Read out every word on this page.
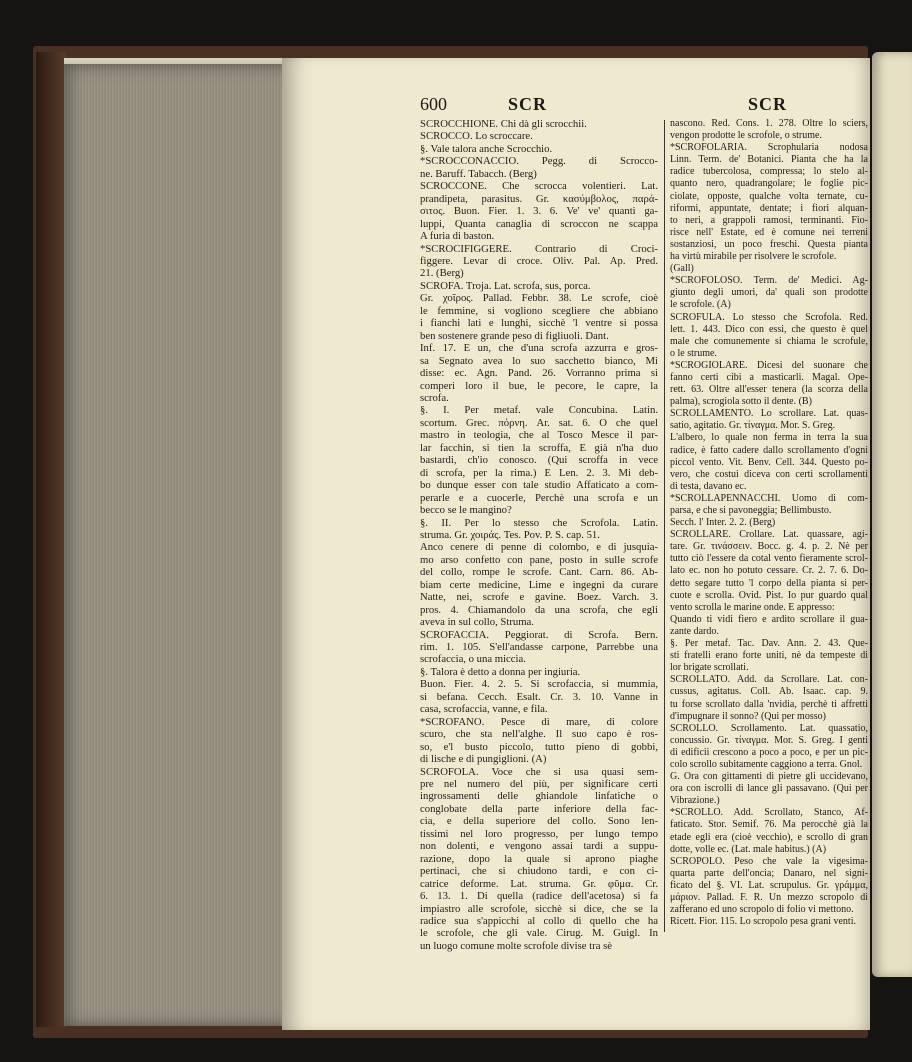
600	SCR	SCR
SCROCCHIONE. Chi dà gli scrocchii.
SCROCCO. Lo scroccare.
§. Vale talora anche Scrocchio.
*SCROCCONACCIO. Pegg. di Scrocco-
ne. Baruff. Tabacch. (Berg)
SCROCCONE. Che scrocca volentieri. Lat.
prandipeta, parasitus. Gr. κασύμβολος, παρά-
σιτος. Buon. Fier. 1. 3. 6. Ve' ve' quanti ga-
luppi, Quanta canaglia di scroccon ne scappa
A furia di baston.
*SCROCIFIGGERE. Contrario di Croci-
figgere. Levar di croce. Oliv. Pal. Ap. Pred.
21. (Berg)
SCROFA. Troja. Lat. scrofa, sus, porca.
Gr. χοῖρος. Pallad. Febbr. 38. Le scrofe, cioè
le femmine, si vogliono scegliere che abbiano
i fianchi lati e lunghi, sicchè 'l ventre si possa
ben sostenere grande peso di figliuoli. Dant.
Inf. 17. E un, che d'una scrofa azzurra e gros-
sa Segnato avea lo suo sacchetto bianco, Mi
disse: ec. Agn. Pand. 26. Vorranno prima si
comperi loro il bue, le pecore, le capre, la
scrofa.
§. I. Per metaf. vale Concubina. Latin.
scortum. Grec. πόρνη. Ar. sat. 6. O che quel
mastro in teologia, che al Tosco Mesce il par-
lar facchin, si tien la scroffa, E già n'ha duo
bastardi, ch'io conosco. (Qui scroffa in vece
di scrofa, per la rima.) E Len. 2. 3. Mi deb-
bo dunque esser con tale studio Affaticato a com-
perarle e a cuocerle, Perchè una scrofa e un
becco se le mangino?
§. II. Per lo stesso che Scrofola. Latin.
struma. Gr. χοιράς. Tes. Pov. P. S. cap. 51.
Anco cenere di penne di colombo, e di jusquia-
mo arso confetto con pane, posto in sulle scrofe
del collo, rompe le scrofe. Cant. Carn. 86. Ab-
biam certe medicine, Lime e ingegni da curare
Natte, nei, scrofe e gavine. Boez. Varch. 3.
pros. 4. Chiamandolo da una scrofa, che egli
aveva in sul collo, Struma.
SCROFACCIA. Peggiorat. di Scrofa. Bern.
rim. 1. 105. S'ell'andasse carpone, Parrebbe una
scrofaccia, o una miccia.
§. Talora è detto a donna per ingiuria.
Buon. Fier. 4. 2. 5. Si scrofaccia, si mummia,
si befana. Cecch. Esalt. Cr. 3. 10. Vanne in
casa, scrofaccia, vanne, e fila.
*SCROFANO. Pesce di mare, di colore
scuro, che sta nell'alghe. Il suo capo è ros-
so, e'l busto piccolo, tutto pieno di gobbi,
di lische e di pungiglioni. (A)
SCROFOLA. Voce che si usa quasi sem-
pre nel numero del più, per significare certi
ingrossamenti delle ghiandole linfatiche o
conglobate della parte inferiore della fac-
cia, e della superiore del collo. Sono len-
tissimi nel loro progresso, per lungo tempo
non dolenti, e vengono assai tardi a suppu-
razione, dopo la quale si aprono piaghe
pertinaci, che si chiudono tardi, e con ci-
catrice deforme. Lat. struma. Gr. φῦμα. Cr.
6. 13. 1. Di quella (radice dell'acetosa) si fa
impiastro alle scrofole, sicchè si dice, che se la
radice sua s'appicchi al collo di quello che ha
le scrofole, che gli vale. Cirug. M. Guigl. In
un luogo comune molte scrofole divise tra sè
nascono. Red. Cons. 1. 278. Oltre lo sciers,
vengon prodotte le scrofole, o strume.
*SCROFOLARIA. Scrophularia nodosa
Linn. Term. de' Botanici. Pianta che ha la
radice tubercolosa, compressa; lo stelo al-
quanto nero, quadrangolare; le foglie pic-
ciolate, opposte, qualche volta ternate, cu-
riformi, appuntate, dentate; i fiori alquan-
to neri, a grappoli ramosi, terminanti. Fio-
risce nell' Estate, ed è comune nei terreni
sostanziosi, un poco freschi. Questa pianta
ha virtù mirabile per risolvere le scrofole.
(Gall)
*SCROFOLOSO. Term. de' Medici. Ag-
giunto degli umori, da' quali son prodotte
le scrofole. (A)
SCROFULA. Lo stesso che Scrofola. Red.
lett. 1. 443. Dico con essi, che questo è quel
male che comunemente si chiama le scrofule,
o le strume.
*SCROGIOLARE. Dicesi del suonare che
fanno certi cibi a masticarli. Magal. Ope-
rett. 63. Oltre all'esser tenera (la scorza della
palma), scrogiola sotto il dente. (B)
SCROLLAMENTO. Lo scrollare. Lat. quas-
satio, agitatio. Gr. τίναγμα. Mor. S. Greg.
L'albero, lo quale non ferma in terra la sua
radice, è fatto cadere dallo scrollamento d'ogni
piccol vento. Vit. Benv. Cell. 344. Questo po-
vero, che costui diceva con certi scrollamenti
di testa, davano ec.
*SCROLLAPENNACCHI. Uomo di com-
parsa, e che si pavoneggia; Bellimbusto.
Secch. l' Inter. 2. 2. (Berg)
SCROLLARE. Crollare. Lat. quassare, agi-
tare. Gr. τινάσσειν. Bocc. g. 4. p. 2. Nè per
tutto ciò l'essere da cotal vento fieramente scrol-
lato ec. non ho potuto cessare. Cr. 2. 7. 6. Do-
detto segare tutto 'l corpo della pianta si per-
cuote e scrolla. Ovid. Pist. Io pur guardo qual
vento scrolla le marine onde. E appresso:
Quando ti vidi fiero e ardito scrollare il gua-
zante dardo.
§. Per metaf. Tac. Dav. Ann. 2. 43. Que-
sti fratelli erano forte uniti, nè da tempeste di
lor brigate scrollati.
SCROLLATO. Add. da Scrollare. Lat. con-
cussus, agitatus. Coll. Ab. Isaac. cap. 9.
tu forse scrollato dalla 'nvidia, perchè ti affretti
d'impugnare il sonno? (Qui per mosso)
SCROLLO. Scrollamento. Lat. quassatio,
concussio. Gr. τίναγμα. Mor. S. Greg. I genti
di edificii crescono a poco a poco, e per un pic-
colo scrollo subitamente caggiono a terra. Gnol.
G. Ora con gittamenti di pietre gli uccidevano,
ora con iscrolli di lance gli passavano. (Qui per
Vibrazione.)
*SCROLLO. Add. Scrollato, Stanco, Af-
faticato. Stor. Semif. 76. Ma perocchè già la
etade egli era (cioè vecchio), e scrollo di gran
dotte, volle ec. (Lat. male habitus.) (A)
SCROPOLO. Peso che vale la vigesima-
quarta parte dell'oncia; Danaro, nel signi-
ficato del §. VI. Lat. scrupulus. Gr. γράμμα,
μάριον. Pallad. F. R. Un mezzo scropolo di
zafferano ed uno scropolo di folio vi mettono.
Ricett. Fior. 115. Lo scropolo pesa grani venti.
